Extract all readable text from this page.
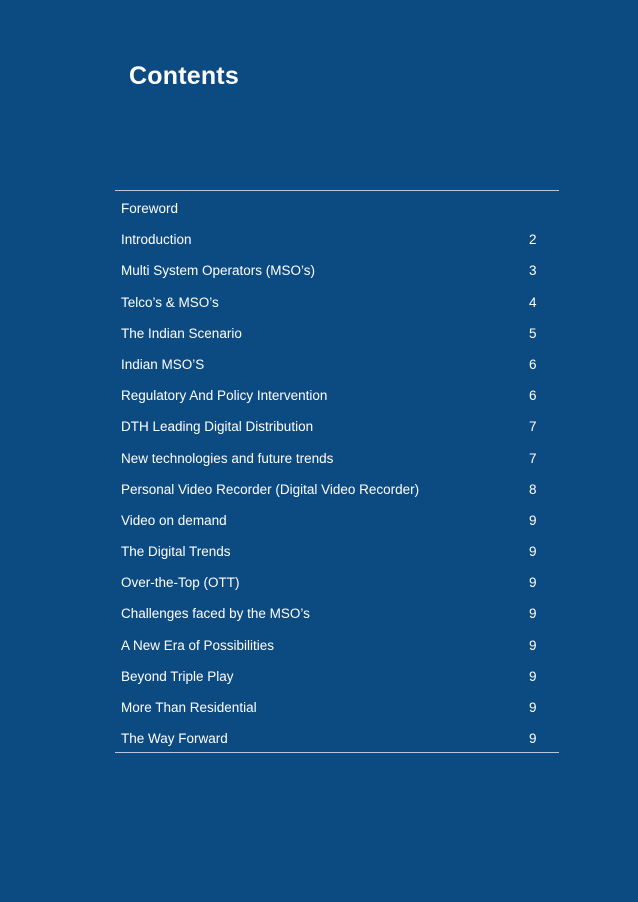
Contents
Foreword
Introduction	2
Multi System Operators (MSO’s)	3
Telco’s & MSO’s	4
The Indian Scenario	5
Indian MSO’S	6
Regulatory And Policy Intervention	6
DTH Leading Digital Distribution	7
New technologies and future trends	7
Personal Video Recorder (Digital Video Recorder)	8
Video on demand	9
The Digital Trends	9
Over-the-Top (OTT)	9
Challenges faced by the MSO’s	9
A New Era of Possibilities	9
Beyond Triple Play	9
More Than Residential	9
The Way Forward	9
